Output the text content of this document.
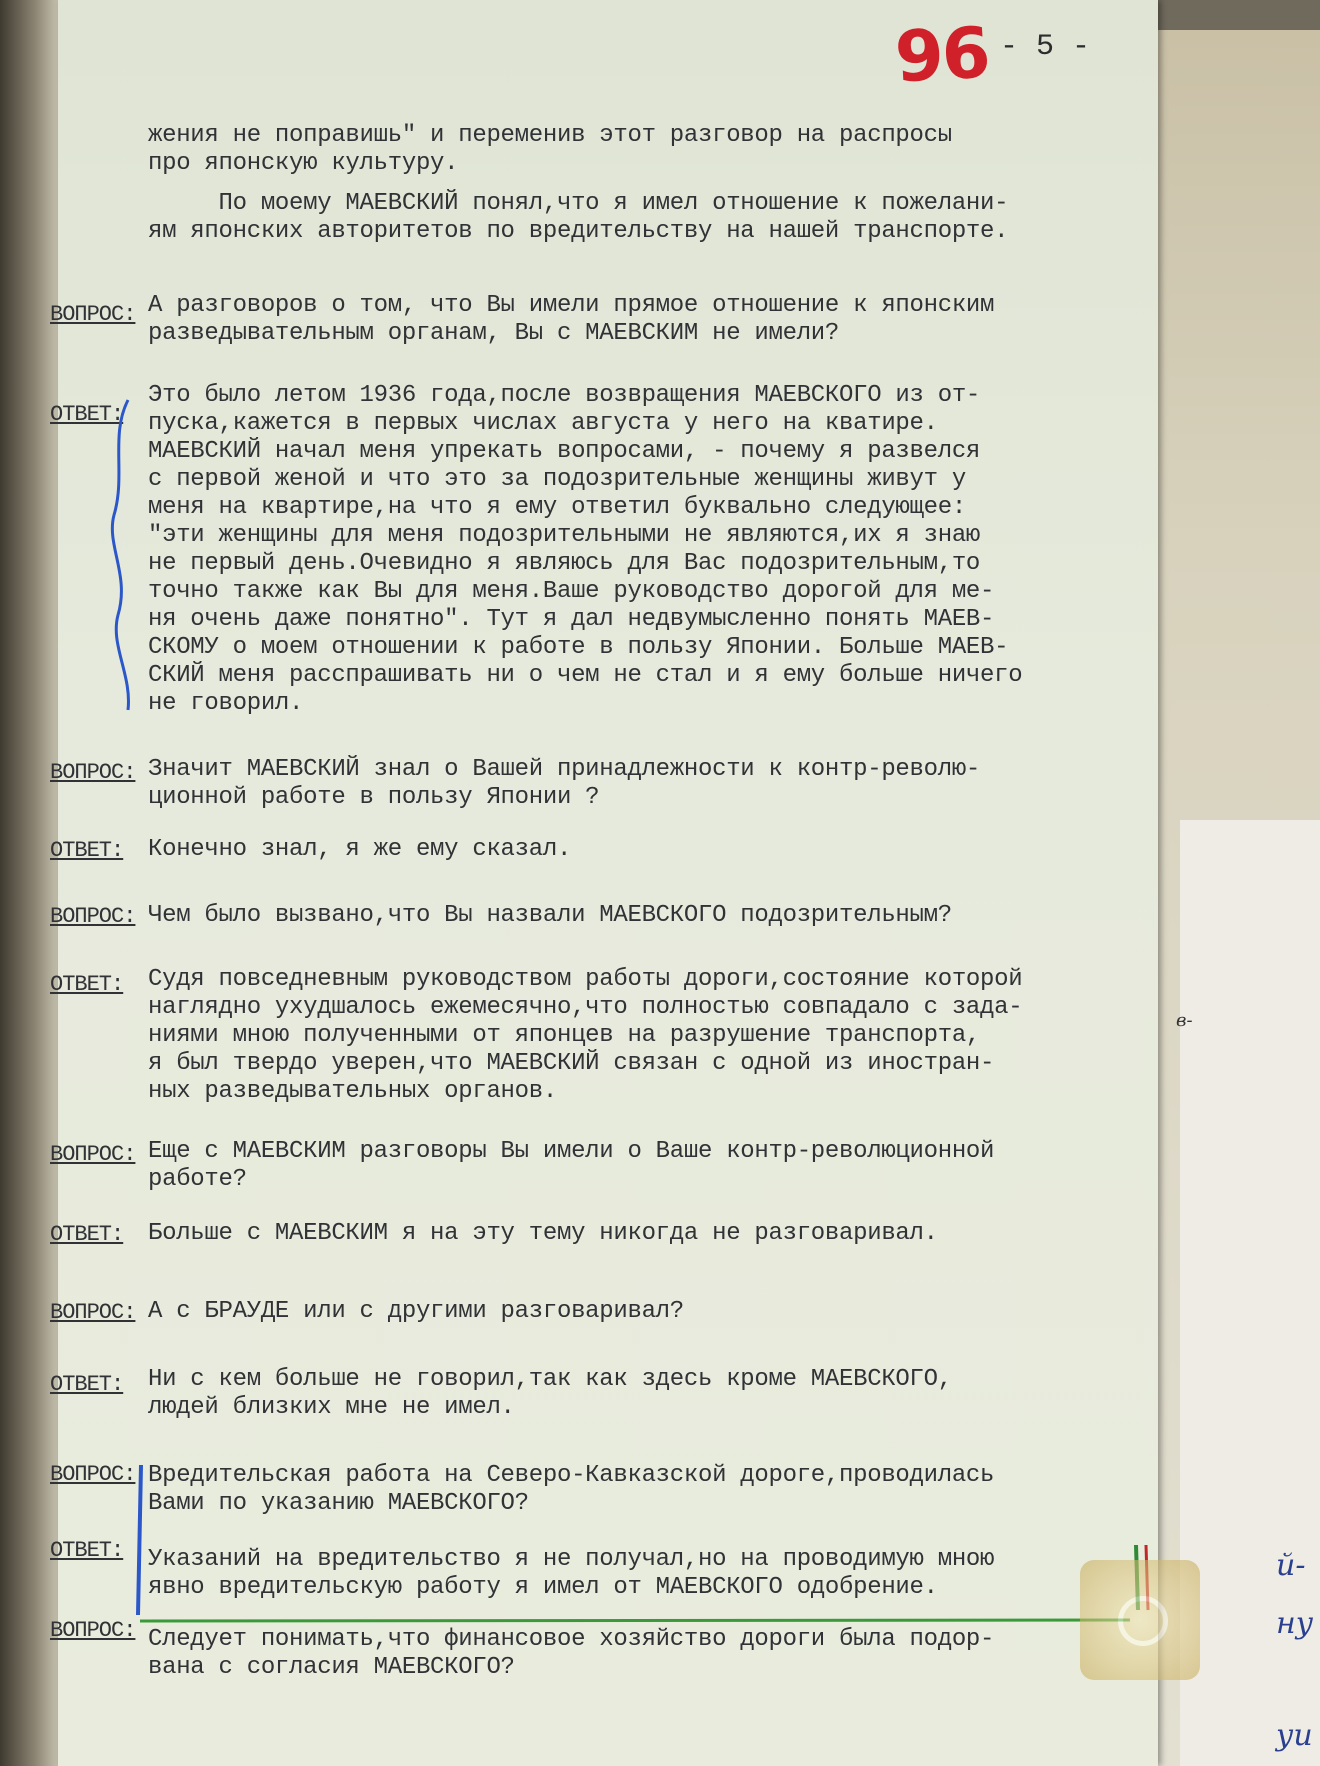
96 - 5 -
жения не поправишь" и переменив этот разговор на распросы
про японскую культуру.
По моему МАЕВСКИЙ понял,что я имел отношение к пожелани-
ям японских авторитетов по вредительству на нашей транспорте.
ВОПРОС: А разговоров о том, что Вы имели прямое отношение к японским
разведывательным органам, Вы с МАЕВСКИМ не имели?
ОТВЕТ:
Это было летом 1936 года,после возвращения МАЕВСКОГО из от-
пуска,кажется в первых числах августа у него на кватире.
МАЕВСКИЙ начал меня упрекать вопросами, - почему я развелся
с первой женой и что это за подозрительные женщины живут у
меня на квартире,на что я ему ответил буквально следующее:
"эти женщины для меня подозрительными не являются,их я знаю
не первый день.Очевидно я являюсь для Вас подозрительным,то
точно также как Вы для меня.Ваше руководство дорогой для ме-
ня очень даже понятно". Тут я дал недвумысленно понять МАЕВ-
СКОМУ о моем отношении к работе в пользу Японии. Больше МАЕВ-
СКИЙ меня расспрашивать ни о чем не стал и я ему больше ничего
не говорил.
ВОПРОС: Значит МАЕВСКИЙ знал о Вашей принадлежности к контр-револю-
ционной работе в пользу Японии ?
ОТВЕТ: Конечно знал, я же ему сказал.
ВОПРОС: Чем было вызвано,что Вы назвали МАЕВСКОГО подозрительным?
ОТВЕТ: Судя повседневным руководством работы дороги,состояние которой
наглядно ухудшалось ежемесячно,что полностью совпадало с зада-
ниями мною полученными от японцев на разрушение транспорта,
я был твердо уверен,что МАЕВСКИЙ связан с одной из иностран-
ных разведывательных органов.
ВОПРОС: Еще с МАЕВСКИМ разговоры Вы имели о Ваше контр-революционной
работе?
ОТВЕТ: Больше с МАЕВСКИМ я на эту тему никогда не разговаривал.
ВОПРОС: А с БРАУДЕ или с другими разговаривал?
ОТВЕТ: Ни с кем больше не говорил,так как здесь кроме МАЕВСКОГО,
людей близких мне не имел.
ВОПРОС: Вредительская работа на Северо-Кавказской дороге,проводилась
Вами по указанию МАЕВСКОГО?
ОТВЕТ: Указаний на вредительство я не получал,но на проводимую мною
явно вредительскую работу я имел от МАЕВСКОГО одобрение.
ВОПРОС: Следует понимать,что финансовое хозяйство дороги была подор-
вана с согласия МАЕВСКОГО?
в-
й-
ну
уи
